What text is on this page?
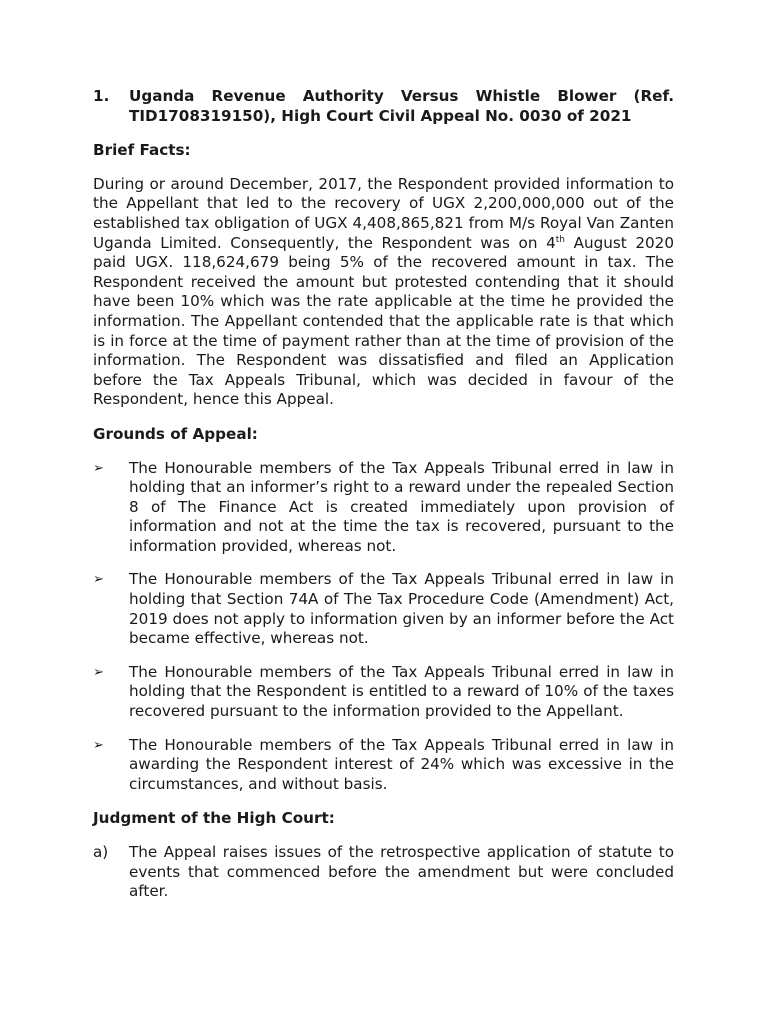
1.	Uganda Revenue Authority Versus Whistle Blower (Ref. TID1708319150), High Court Civil Appeal No. 0030 of 2021

Brief Facts:

During or around December, 2017, the Respondent provided information to the Appellant that led to the recovery of UGX 2,200,000,000 out of the established tax obligation of UGX 4,408,865,821 from M/s Royal Van Zanten Uganda Limited. Consequently, the Respondent was on 4th August 2020 paid UGX. 118,624,679 being 5% of the recovered amount in tax. The Respondent received the amount but protested contending that it should have been 10% which was the rate applicable at the time he provided the information. The Appellant contended that the applicable rate is that which is in force at the time of payment rather than at the time of provision of the information. The Respondent was dissatisfied and filed an Application before the Tax Appeals Tribunal, which was decided in favour of the Respondent, hence this Appeal.

Grounds of Appeal:

➢	The Honourable members of the Tax Appeals Tribunal erred in law in holding that an informer’s right to a reward under the repealed Section 8 of The Finance Act is created immediately upon provision of information and not at the time the tax is recovered, pursuant to the information provided, whereas not.
➢	The Honourable members of the Tax Appeals Tribunal erred in law in holding that Section 74A of The Tax Procedure Code (Amendment) Act, 2019 does not apply to information given by an informer before the Act became effective, whereas not.
➢	The Honourable members of the Tax Appeals Tribunal erred in law in holding that the Respondent is entitled to a reward of 10% of the taxes recovered pursuant to the information provided to the Appellant.
➢	The Honourable members of the Tax Appeals Tribunal erred in law in awarding the Respondent interest of 24% which was excessive in the circumstances, and without basis.

Judgment of the High Court:

a)	The Appeal raises issues of the retrospective application of statute to events that commenced before the amendment but were concluded after.
